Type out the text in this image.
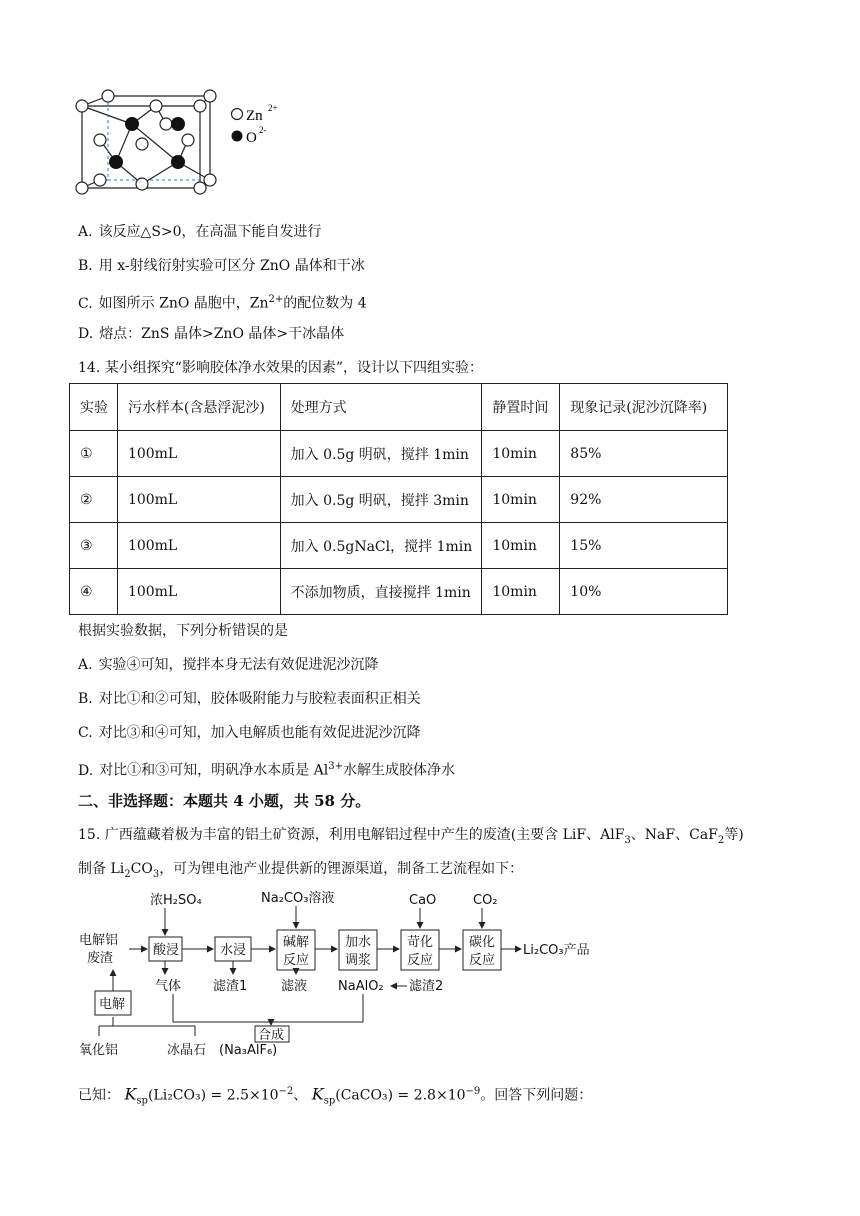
Zn 2+
O 2-
A. 该反应△S>0，在高温下能自发进行
B. 用 x-射线衍射实验可区分 ZnO 晶体和干冰
C. 如图所示 ZnO 晶胞中，$Zn^{2+}$的配位数为 4
D. 熔点：ZnS 晶体>ZnO 晶体>干冰晶体
14. 某小组探究“影响胶体净水效果的因素”，设计以下四组实验：
实验	污水样本(含悬浮泥沙)	处理方式	静置时间	现象记录(泥沙沉降率)
①	100mL	加入 0.5g 明矾，搅拌 1min	10min	85%
②	100mL	加入 0.5g 明矾，搅拌 3min	10min	92%
③	100mL	加入 0.5gNaCl，搅拌 1min	10min	15%
④	100mL	不添加物质，直接搅拌 1min	10min	10%
根据实验数据，下列分析错误的是
A. 实验④可知，搅拌本身无法有效促进泥沙沉降
B. 对比①和②可知，胶体吸附能力与胶粒表面积正相关
C. 对比③和④可知，加入电解质也能有效促进泥沙沉降
D. 对比①和③可知，明矾净水本质是 $Al^{3+}$水解生成胶体净水
二、非选择题：本题共 4 小题，共 58 分。
15. 广西蕴藏着极为丰富的铝土矿资源，利用电解铝过程中产生的废渣(主要含 LiF、AlF$_3$、NaF、CaF$_2$等)
制备 $Li_2CO_3$，可为锂电池产业提供新的锂源渠道，制备工艺流程如下：
电解铝
废渣
浓H₂SO₄	Na₂CO₃溶液	CaO	CO₂
酸浸	水浸
碱解
反应
加水
调浆
苛化
反应
碳化
反应
Li₂CO₃产品
气体 滤渣1	滤液 NaAlO₂ 滤渣2
电解
合成
(Na₃AlF₆)
氧化铝	冰晶石
已知： $K_{sp}(Li_2CO_3) = 2.5\times 10^{-2}$、 $K_{sp}(CaCO_3) = 2.8\times 10^{-9}$。回答下列问题：
